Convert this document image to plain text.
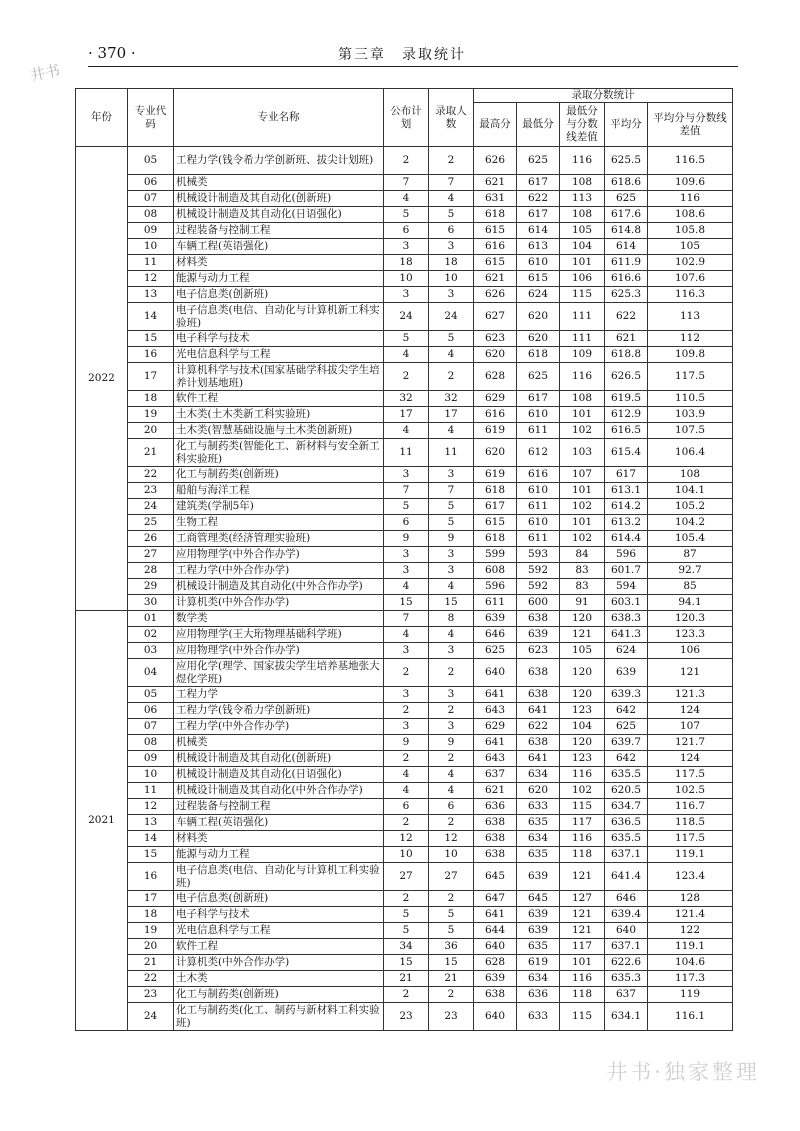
· 370 ·	第三章　录取统计
井书
年份	专业代码	专业名称	公布计划	录取人数	录取分数统计				
					最高分	最低分	最低分与分数线差值	平均分	平均分与分数线差值
2022	05	工程力学(钱令希力学创新班、拔尖计划班)	2	2	626	625	116	625.5	116.5
	06	机械类	7	7	621	617	108	618.6	109.6
	07	机械设计制造及其自动化(创新班)	4	4	631	622	113	625	116
	08	机械设计制造及其自动化(日语强化)	5	5	618	617	108	617.6	108.6
	09	过程装备与控制工程	6	6	615	614	105	614.8	105.8
	10	车辆工程(英语强化)	3	3	616	613	104	614	105
	11	材料类	18	18	615	610	101	611.9	102.9
	12	能源与动力工程	10	10	621	615	106	616.6	107.6
	13	电子信息类(创新班)	3	3	626	624	115	625.3	116.3
	14	电子信息类(电信、自动化与计算机新工科实验班)	24	24	627	620	111	622	113
	15	电子科学与技术	5	5	623	620	111	621	112
	16	光电信息科学与工程	4	4	620	618	109	618.8	109.8
	17	计算机科学与技术(国家基础学科拔尖学生培养计划基地班)	2	2	628	625	116	626.5	117.5
	18	软件工程	32	32	629	617	108	619.5	110.5
	19	土木类(土木类新工科实验班)	17	17	616	610	101	612.9	103.9
	20	土木类(智慧基础设施与土木类创新班)	4	4	619	611	102	616.5	107.5
	21	化工与制药类(智能化工、新材料与安全新工科实验班)	11	11	620	612	103	615.4	106.4
	22	化工与制药类(创新班)	3	3	619	616	107	617	108
	23	船舶与海洋工程	7	7	618	610	101	613.1	104.1
	24	建筑类(学制5年)	5	5	617	611	102	614.2	105.2
	25	生物工程	6	5	615	610	101	613.2	104.2
	26	工商管理类(经济管理实验班)	9	9	618	611	102	614.4	105.4
	27	应用物理学(中外合作办学)	3	3	599	593	84	596	87
	28	工程力学(中外合作办学)	3	3	608	592	83	601.7	92.7
	29	机械设计制造及其自动化(中外合作办学)	4	4	596	592	83	594	85
	30	计算机类(中外合作办学)	15	15	611	600	91	603.1	94.1
2021	01	数学类	7	8	639	638	120	638.3	120.3
	02	应用物理学(王大珩物理基础科学班)	4	4	646	639	121	641.3	123.3
	03	应用物理学(中外合作办学)	3	3	625	623	105	624	106
	04	应用化学(理学、国家拔尖学生培养基地张大煜化学班)	2	2	640	638	120	639	121
	05	工程力学	3	3	641	638	120	639.3	121.3
	06	工程力学(钱令希力学创新班)	2	2	643	641	123	642	124
	07	工程力学(中外合作办学)	3	3	629	622	104	625	107
	08	机械类	9	9	641	638	120	639.7	121.7
	09	机械设计制造及其自动化(创新班)	2	2	643	641	123	642	124
	10	机械设计制造及其自动化(日语强化)	4	4	637	634	116	635.5	117.5
	11	机械设计制造及其自动化(中外合作办学)	4	4	621	620	102	620.5	102.5
	12	过程装备与控制工程	6	6	636	633	115	634.7	116.7
	13	车辆工程(英语强化)	2	2	638	635	117	636.5	118.5
	14	材料类	12	12	638	634	116	635.5	117.5
	15	能源与动力工程	10	10	638	635	118	637.1	119.1
	16	电子信息类(电信、自动化与计算机工科实验班)	27	27	645	639	121	641.4	123.4
	17	电子信息类(创新班)	2	2	647	645	127	646	128
	18	电子科学与技术	5	5	641	639	121	639.4	121.4
	19	光电信息科学与工程	5	5	644	639	121	640	122
	20	软件工程	34	36	640	635	117	637.1	119.1
	21	计算机类(中外合作办学)	15	15	628	619	101	622.6	104.6
	22	土木类	21	21	639	634	116	635.3	117.3
	23	化工与制药类(创新班)	2	2	638	636	118	637	119
	24	化工与制药类(化工、制药与新材料工科实验班)	23	23	640	633	115	634.1	116.1
井书·独家整理
